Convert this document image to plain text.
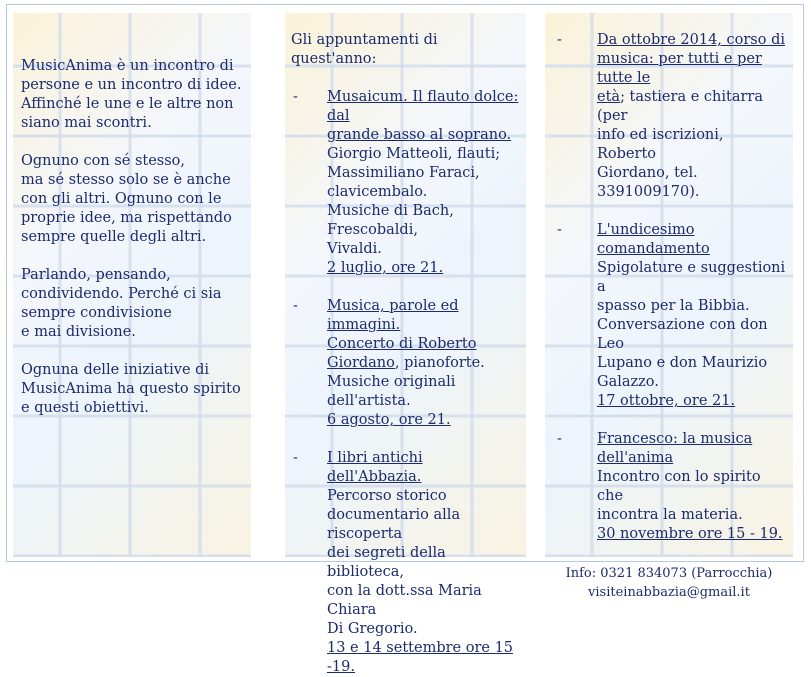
MusicAnima è un incontro di
persone e un incontro di idee.
Affinché le une e le altre non
siano mai scontri.

Ognuno con sé stesso,
ma sé stesso solo se è anche
con gli altri. Ognuno con le
proprie idee, ma rispettando
sempre quelle degli altri.

Parlando, pensando,
condividendo. Perché ci sia
sempre condivisione
e mai divisione.

Ognuna delle iniziative di
MusicAnima ha questo spirito
e questi obiettivi.

Gli appuntamenti di quest'anno:

-	Musaicum. Il flauto dolce: dal
grande basso al soprano.
Giorgio Matteoli, flauti;
Massimiliano Faraci,
clavicembalo.
Musiche di Bach, Frescobaldi,
Vivaldi.
2 luglio, ore 21.
-	Musica, parole ed immagini.
Concerto di Roberto
Giordano, pianoforte.
Musiche originali dell'artista.
6 agosto, ore 21.
-	I libri antichi dell'Abbazia.
Percorso storico
documentario alla riscoperta
dei segreti della biblioteca,
con la dott.ssa Maria Chiara
Di Gregorio.
13 e 14 settembre ore 15 -19.
-	Da ottobre 2014, corso di
musica: per tutti e per tutte le
età; tastiera e chitarra (per
info ed iscrizioni, Roberto
Giordano, tel. 3391009170).
-	L'undicesimo comandamento
Spigolature e suggestioni a
spasso per la Bibbia.
Conversazione con don Leo
Lupano e don Maurizio
Galazzo.
17 ottobre, ore 21.
-	Francesco: la musica dell'anima
Incontro con lo spirito che
incontra la materia.
30 novembre ore 15 - 19.
Info: 0321 834073 (Parrocchia)
visiteinabbazia@gmail.it
